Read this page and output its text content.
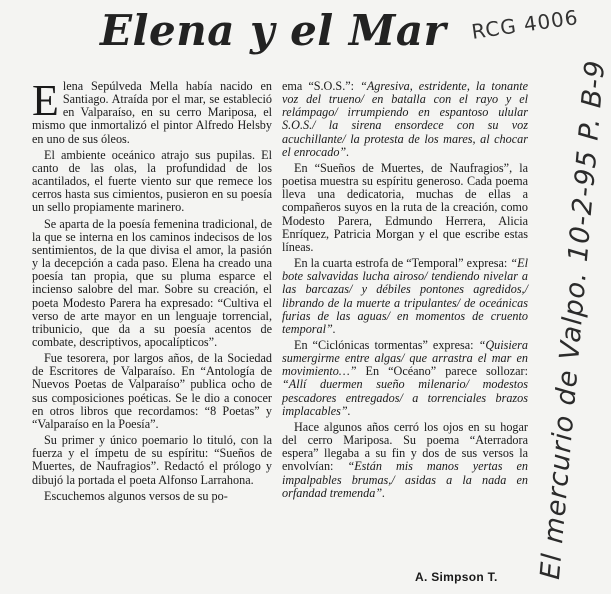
Elena y el Mar RCG 4006
El mercurio de Valpo. 10-2-95 P. B-9

Elena Sepúlveda Mella había nacido en Santiago. Atraída por el mar, se estableció en Valparaíso, en su cerro Mariposa, el mismo que inmortalizó el pintor Alfredo Helsby en uno de sus óleos.

El ambiente oceánico atrajo sus pupilas. El canto de las olas, la profundidad de los acantilados, el fuerte viento sur que remece los cerros hasta sus cimientos, pusieron en su poesía un sello propiamente marinero.

Se aparta de la poesía femenina tradicional, de la que se interna en los caminos indecisos de los sentimientos, de la que divisa el amor, la pasión y la decepción a cada paso. Elena ha creado una poesía tan propia, que su pluma esparce el incienso salobre del mar. Sobre su creación, el poeta Modesto Parera ha expresado: “Cultiva el verso de arte mayor en un lenguaje torrencial, tribunicio, que da a su poesía acentos de combate, descriptivos, apocalípticos”.

Fue tesorera, por largos años, de la Sociedad de Escritores de Valparaíso. En “Antología de Nuevos Poetas de Valparaíso” publica ocho de sus composiciones poéticas. Se le dio a conocer en otros libros que recordamos: “8 Poetas” y “Valparaíso en la Poesía”.

Su primer y único poemario lo tituló, con la fuerza y el ímpetu de su espíritu: “Sueños de Muertes, de Naufragios”. Redactó el prólogo y dibujó la portada el poeta Alfonso Larrahona.

Escuchemos algunos versos de su po-

ema “S.O.S.”: “Agresiva, estridente, la tonante voz del trueno/ en batalla con el rayo y el relámpago/ irrumpiendo en espantoso ulular S.O.S./ la sirena ensordece con su voz acuchillante/ la protesta de los mares, al chocar el enrocado”.

En “Sueños de Muertes, de Naufragios”, la poetisa muestra su espíritu generoso. Cada poema lleva una dedicatoria, muchas de ellas a compañeros suyos en la ruta de la creación, como Modesto Parera, Edmundo Herrera, Alicia Enríquez, Patricia Morgan y el que escribe estas líneas.

En la cuarta estrofa de “Temporal” expresa: “El bote salvavidas lucha airoso/ tendiendo nivelar a las barcazas/ y débiles pontones agredidos,/ librando de la muerte a tripulantes/ de oceánicas furias de las aguas/ en momentos de cruento temporal”.

En “Ciclónicas tormentas” expresa: “Quisiera sumergirme entre algas/ que arrastra el mar en movimiento…” En “Océano” parece sollozar: “Allí duermen sueño milenario/ modestos pescadores entregados/ a torrenciales brazos implacables”.

Hace algunos años cerró los ojos en su hogar del cerro Mariposa. Su poema “Aterradora espera” llegaba a su fin y dos de sus versos la envolvían: “Están mis manos yertas en impalpables brumas,/ asidas a la nada en orfandad tremenda”.

A. Simpson T.
